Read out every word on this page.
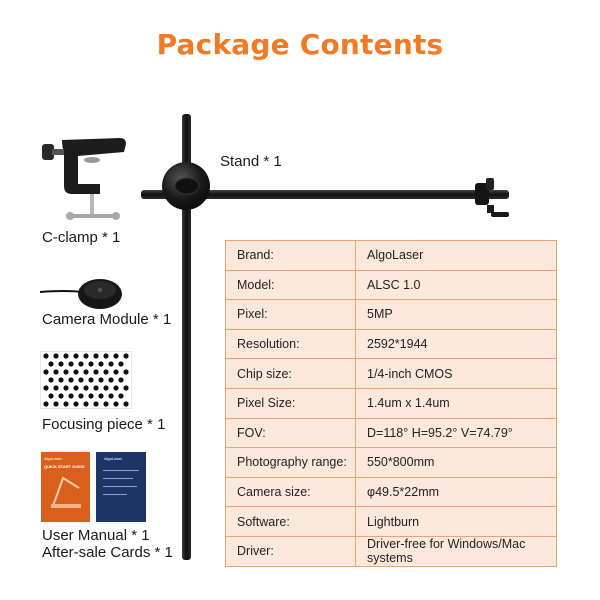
Package Contents
Stand * 1
C-clamp * 1
Camera Module * 1
Focusing piece * 1
AlgoLaser
QUICK START GUIDE
AlgoLaser
User Manual * 1
After-sale Cards * 1
Brand:	AlgoLaser
Model:	ALSC 1.0
Pixel:	5MP
Resolution:	2592*1944
Chip size:	1/4-inch CMOS
Pixel Size:	1.4um x 1.4um
FOV:	D=118° H=95.2° V=74.79°
Photography range:	550*800mm
Camera size:	φ49.5*22mm
Software:	Lightburn
Driver:	Driver-free for Windows/Mac systems
